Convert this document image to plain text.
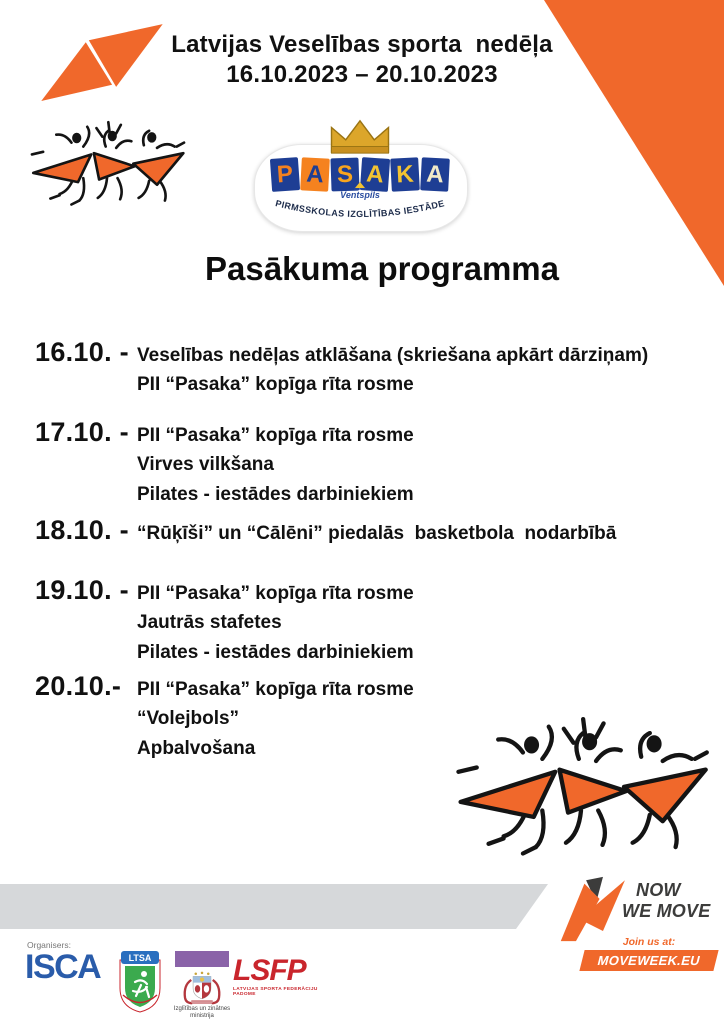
Latvijas Veselības sporta  nedēļa
16.10.2023 – 20.10.2023
P A S A K A
Ventspils
PIRMSSKOLAS IZGLĪTĪBAS IESTĀDE
Pasākuma programma
16.10. - Veselības nedēļas atklāšana (skriešana apkārt dārziņam)
PII “Pasaka” kopīga rīta rosme
17.10. - PII “Pasaka” kopīga rīta rosme
Virves vilkšana
Pilates - iestādes darbiniekiem
18.10. - “Rūķīši” un “Cālēni” piedalās  basketbola  nodarbībā
19.10. - PII “Pasaka” kopīga rīta rosme
Jautrās stafetes
Pilates - iestādes darbiniekiem
20.10.- PII “Pasaka” kopīga rīta rosme
“Volejbols”
Apbalvošana
NOW
WE MOVE
Join us at:
MOVEWEEK.EU
Organisers:
ISCA	LTSA
Izglītības un zinātnes
ministrija
LSFP
LATVIJAS SPORTA FEDERĀCIJU PADOME
